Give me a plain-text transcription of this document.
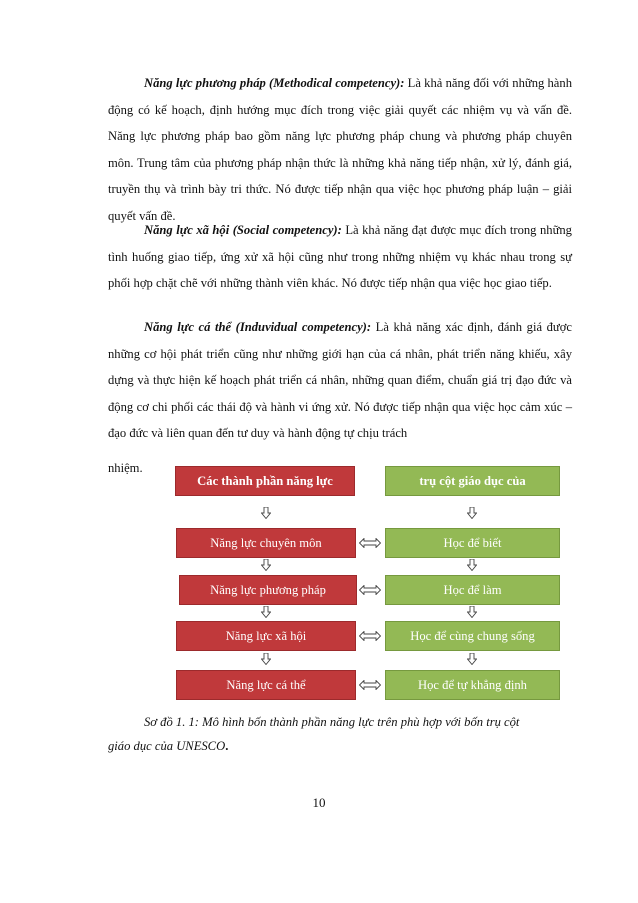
Năng lực phương pháp (Methodical competency): Là khả năng đối với những hành động có kế hoạch, định hướng mục đích trong việc giải quyết các nhiệm vụ và vấn đề. Năng lực phương pháp bao gồm năng lực phương pháp chung và phương pháp chuyên môn. Trung tâm của phương pháp nhận thức là những khả năng tiếp nhận, xử lý, đánh giá, truyền thụ và trình bày tri thức. Nó được tiếp nhận qua việc học phương pháp luận – giải quyết vấn đề.

Năng lực xã hội (Social competency): Là khả năng đạt được mục đích trong những tình huống giao tiếp, ứng xử xã hội cũng như trong những nhiệm vụ khác nhau trong sự phối hợp chặt chẽ với những thành viên khác. Nó được tiếp nhận qua việc học giao tiếp.

Năng lực cá thể (Induvidual competency): Là khả năng xác định, đánh giá được những cơ hội phát triển cũng như những giới hạn của cá nhân, phát triển năng khiếu, xây dựng và thực hiện kế hoạch phát triển cá nhân, những quan điểm, chuẩn giá trị đạo đức và động cơ chi phối các thái độ và hành vi ứng xử. Nó được tiếp nhận qua việc học cảm xúc – đạo đức và liên quan đến tư duy và hành động tự chịu trách

nhiệm.

Các thành phần năng lực	trụ cột giáo dục của
Năng lực chuyên môn	Học để biết
Năng lực phương pháp	Học để làm
Năng lực xã hội	Học để cùng chung sống
Năng lực cá thể	Học để tự khẳng định

Sơ đồ 1. 1: Mô hình bốn thành phần năng lực trên phù hợp với bốn trụ cột
giáo dục của UNESCO.

10
